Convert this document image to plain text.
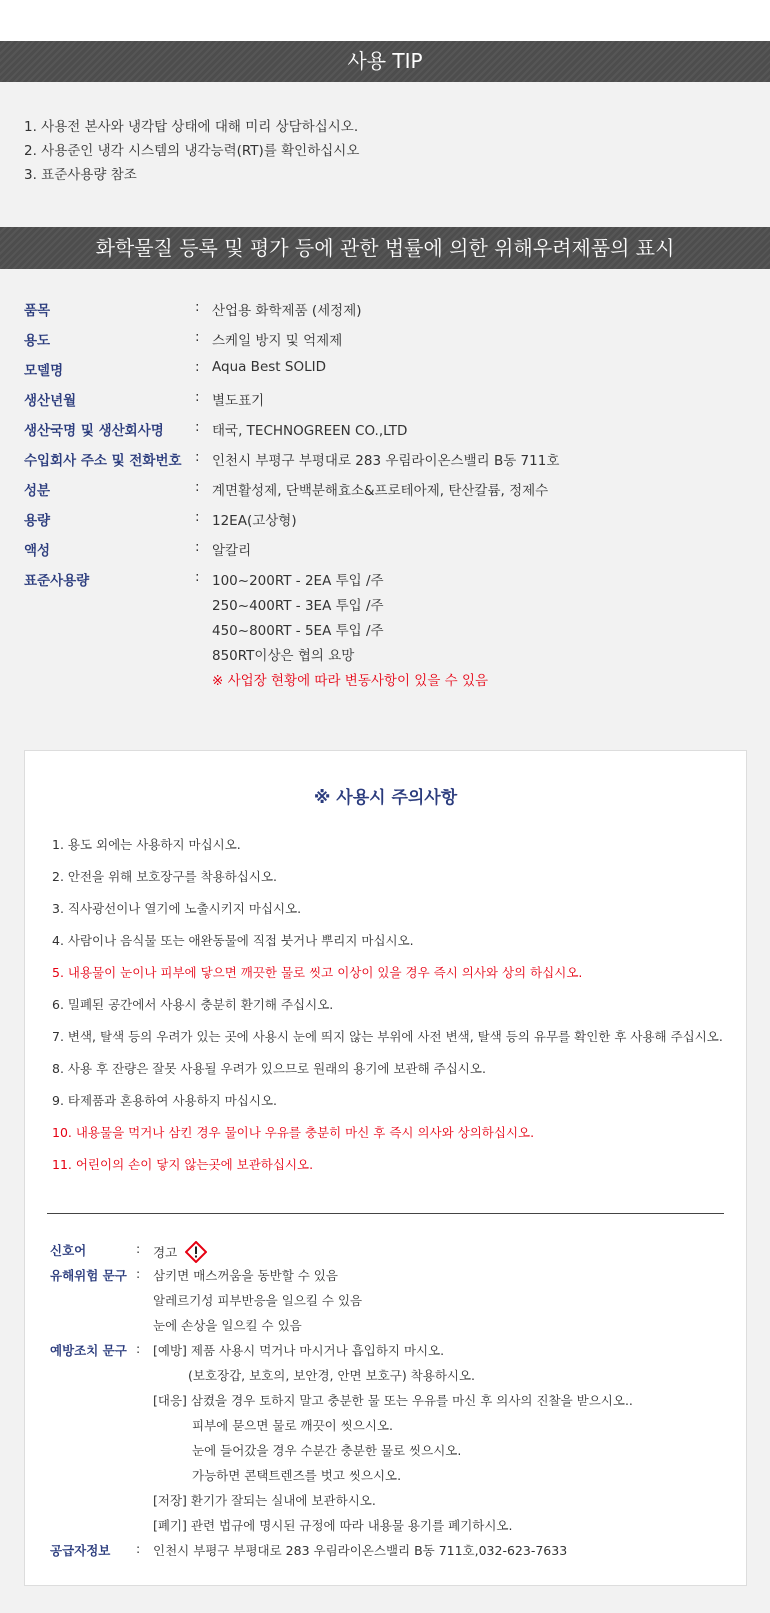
사용 TIP
1. 사용전 본사와 냉각탑 상태에 대해 미리 상담하십시오.
2. 사용준인 냉각 시스템의 냉각능력(RT)를 확인하십시오
3. 표준사용량 참조
화학물질 등록 및 평가 등에 관한 법률에 의한 위해우려제품의 표시
품목	: 산업용 화학제품 (세정제)
용도	: 스케일 방지 및 억제제
모델명	: Aqua Best SOLID
생산년월	: 별도표기
생산국명 및 생산회사명	: 태국, TECHNOGREEN CO.,LTD
수입회사 주소 및 전화번호 : 인천시 부평구 부평대로 283 우림라이온스밸리 B동 711호
성분	: 계면활성제, 단백분해효소&프로테아제, 탄산칼륨, 정제수
용량	: 12EA(고상형)
액성	: 알칼리
표준사용량	: 100~200RT - 2EA 투입 /주
250~400RT - 3EA 투입 /주
450~800RT - 5EA 투입 /주
850RT이상은 협의 요망
※ 사업장 현황에 따라 변동사항이 있을 수 있음
※ 사용시 주의사항
1. 용도 외에는 사용하지 마십시오.
2. 안전을 위해 보호장구를 착용하십시오.
3. 직사광선이나 열기에 노출시키지 마십시오.
4. 사람이나 음식물 또는 애완동물에 직접 붓거나 뿌리지 마십시오.
5. 내용물이 눈이나 피부에 닿으면 깨끗한 물로 씻고 이상이 있을 경우 즉시 의사와 상의 하십시오.
6. 밀폐된 공간에서 사용시 충분히 환기해 주십시오.
7. 변색, 탈색 등의 우려가 있는 곳에 사용시 눈에 띄지 않는 부위에 사전 변색, 탈색 등의 유무를 확인한 후 사용해 주십시오.
8. 사용 후 잔량은 잘못 사용될 우려가 있으므로 원래의 용기에 보관해 주십시오.
9. 타제품과 혼용하여 사용하지 마십시오.
10. 내용물을 먹거나 삼킨 경우 물이나 우유를 충분히 마신 후 즉시 의사와 상의하십시오.
11. 어린이의 손이 닿지 않는곳에 보관하십시오.
신호어	: 경고
유해위험 문구 : 삼키면 매스꺼움을 동반할 수 있음
알레르기성 피부반응을 일으킬 수 있음
눈에 손상을 일으킬 수 있음
예방조치 문구 : [예방] 제품 사용시 먹거나 마시거나 흡입하지 마시오.
(보호장갑, 보호의, 보안경, 안면 보호구) 착용하시오.
[대응] 삼켰을 경우 토하지 말고 충분한 물 또는 우유를 마신 후 의사의 진찰을 받으시오..
피부에 묻으면 물로 깨끗이 씻으시오.
눈에 들어갔을 경우 수분간 충분한 물로 씻으시오.
가능하면 콘택트렌즈를 벗고 씻으시오.
[저장] 환기가 잘되는 실내에 보관하시오.
[폐기] 관련 법규에 명시된 규정에 따라 내용물 용기를 폐기하시오.
공급자정보 : 인천시 부평구 부평대로 283 우림라이온스밸리 B동 711호,032-623-7633
